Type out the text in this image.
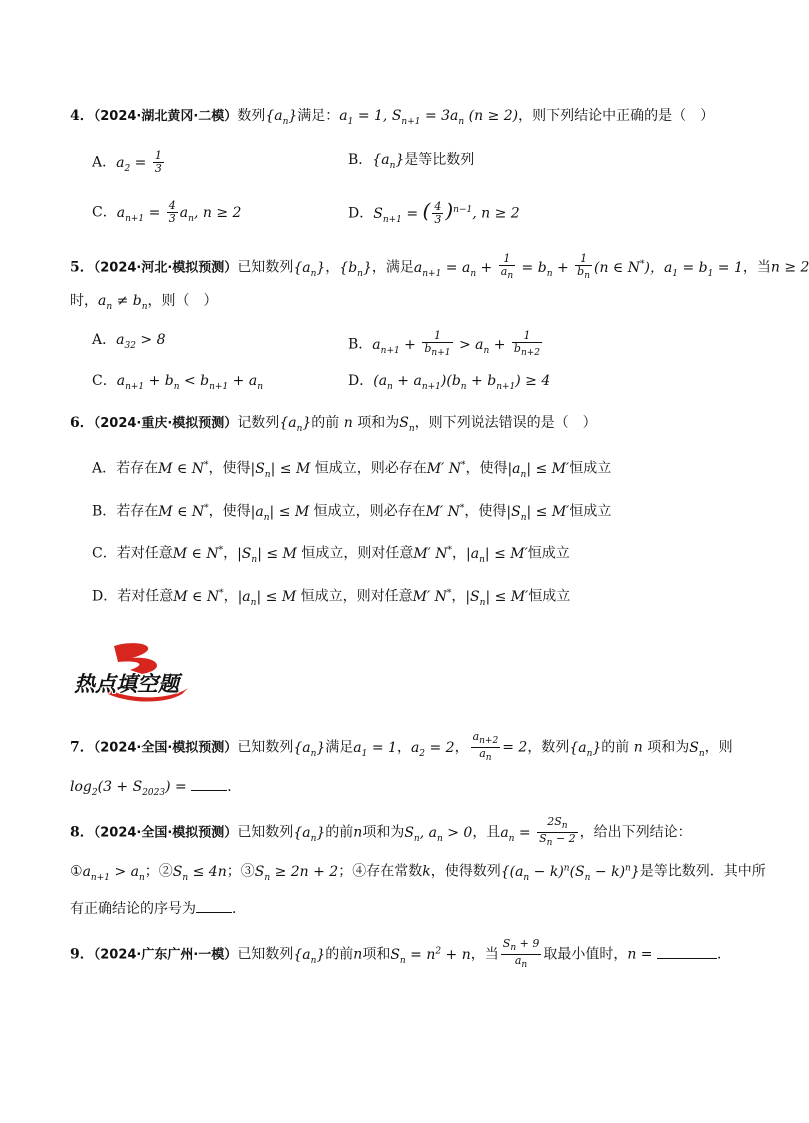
4．（2024·湖北黄冈·二模）数列$\{a_n\}$满足：$a_1 = 1$, $S_{n+1} = 3a_n$ (n ≥ 2)，则下列结论中正确的是（　）
A．$a_2 = \frac{1}{3}$	B．$\{a_n\}$是等比数列
C．$a_{n+1} = \frac{4}{3} a_n$, n ≥ 2	D．$S_{n+1}$ = ( $\frac{4}{3} )^{n-1}$, n ≥ 2
5．（2024·河北·模拟预测）已知数列$\{a_n\}$，$\{b_n\}$，满足$a_{n+1} = a_n + \frac{1}{a_n} = b_n + \frac{1}{b_n} (n$ ∈ N*)，$a_1 = b_1 = 1$，当n ≥ 2
时，$a_n \ne b_n$，则（　）
A．$a_{32} > 8$	B．$a_{n+1} + \frac{1}{b_{n+1}} > a_n + \frac{1}{b_{n+2}}$
C．$a_{n+1} + b_n < b_{n+1} + a_n$	D．$(a_n + a_{n+1})(b_n + b_{n+1}) \ge 4$
6．（2024·重庆·模拟预测）记数列$\{a_n\}$的前 n 项和为$S_n$，则下列说法错误的是（　）
A．若存在M ∈ N*，使得$|S_n| \le M$ 恒成立，则必存在M′ N*，使得$|a_n| \le M'$恒成立
B．若存在M ∈ N*，使得$|a_n| \le M$ 恒成立，则必存在M′ N*，使得$|S_n| \le M'$恒成立
C．若对任意M ∈ N*，$|S_n| \le M$ 恒成立，则对任意M′ N*，$|a_n| \le M'$恒成立
D．若对任意M ∈ N*，$|a_n| \le M$ 恒成立，则对任意M′ N*，$|S_n| \le M'$恒成立
热点填空题
7．（2024·全国·模拟预测）已知数列$\{a_n\}$满足$a_1 = 1$，$a_2 = 2$， $\frac{a_{n+2}}{a_n} = 2$，数列$\{a_n\}$的前 n 项和为$S_n$，则
$\log_2(3 + S_{2023})$ =	．
8．（2024·全国·模拟预测）已知数列$\{a_n\}$的前n项和为$S_n$, $a_n > 0$，且$a_n = \frac{2S_n}{S_n - 2}$ ，给出下列结论：
$①a_{n+1} > a_n$；$②S_n \le 4n$；$③S_n \ge 2n + 2$；④存在常数k，使得数列$\{(a_n - k)^n(S_n - k)^n\}$是等比数列．其中所
有正确结论的序号为	．
9．（2024·广东广州·一模）已知数列$\{a_n\}$的前n项和$S_n = n^2 + n$，当 $\frac{S_n + 9}{a_n}$ 取最小值时，n =	．
